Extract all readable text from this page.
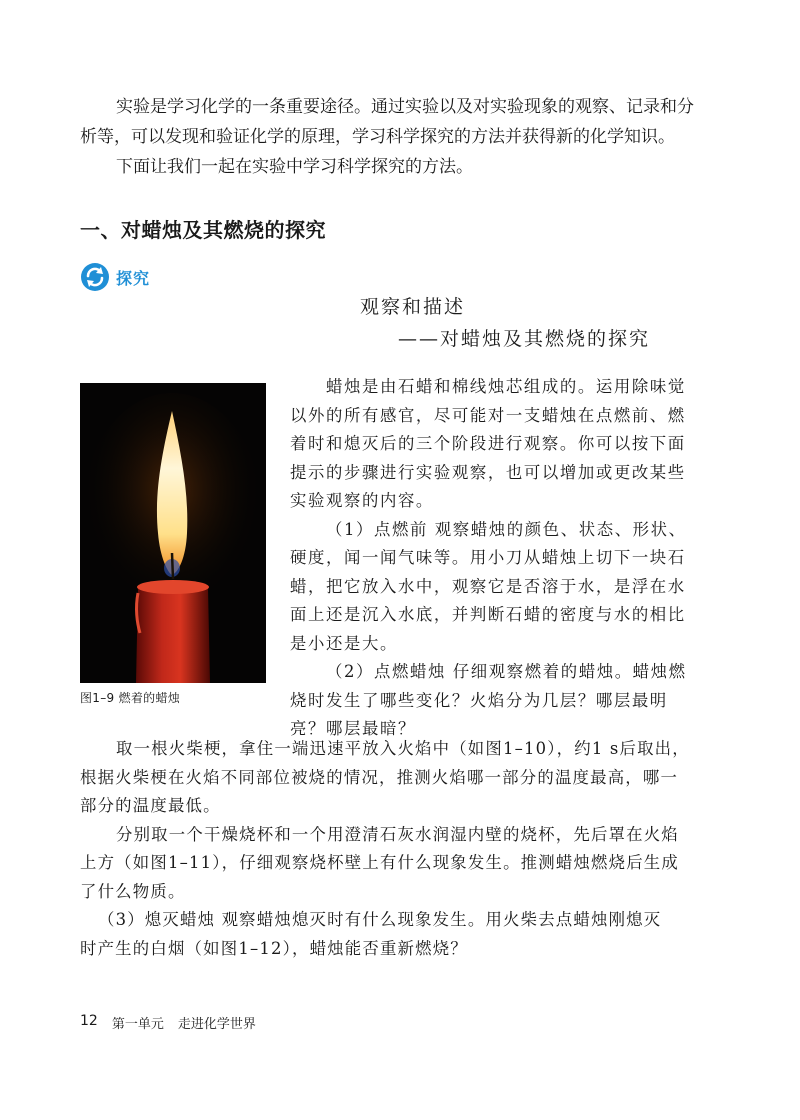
实验是学习化学的一条重要途径。通过实验以及对实验现象的观察、记录和分
析等，可以发现和验证化学的原理，学习科学探究的方法并获得新的化学知识。
下面让我们一起在实验中学习科学探究的方法。
一、对蜡烛及其燃烧的探究
探究
观察和描述
——对蜡烛及其燃烧的探究
图1–9 燃着的蜡烛
蜡烛是由石蜡和棉线烛芯组成的。运用除味觉
以外的所有感官，尽可能对一支蜡烛在点燃前、燃
着时和熄灭后的三个阶段进行观察。你可以按下面
提示的步骤进行实验观察，也可以增加或更改某些
实验观察的内容。
（1）点燃前 观察蜡烛的颜色、状态、形状、
硬度，闻一闻气味等。用小刀从蜡烛上切下一块石
蜡，把它放入水中，观察它是否溶于水，是浮在水
面上还是沉入水底，并判断石蜡的密度与水的相比
是小还是大。
（2）点燃蜡烛 仔细观察燃着的蜡烛。蜡烛燃
烧时发生了哪些变化？火焰分为几层？哪层最明
亮？哪层最暗？
取一根火柴梗，拿住一端迅速平放入火焰中（如图1–10），约1 s后取出，
根据火柴梗在火焰不同部位被烧的情况，推测火焰哪一部分的温度最高，哪一
部分的温度最低。
分别取一个干燥烧杯和一个用澄清石灰水润湿内壁的烧杯，先后罩在火焰
上方（如图1–11），仔细观察烧杯壁上有什么现象发生。推测蜡烛燃烧后生成
了什么物质。
（3）熄灭蜡烛 观察蜡烛熄灭时有什么现象发生。用火柴去点蜡烛刚熄灭
时产生的白烟（如图1–12），蜡烛能否重新燃烧？
12 第一单元 走进化学世界
